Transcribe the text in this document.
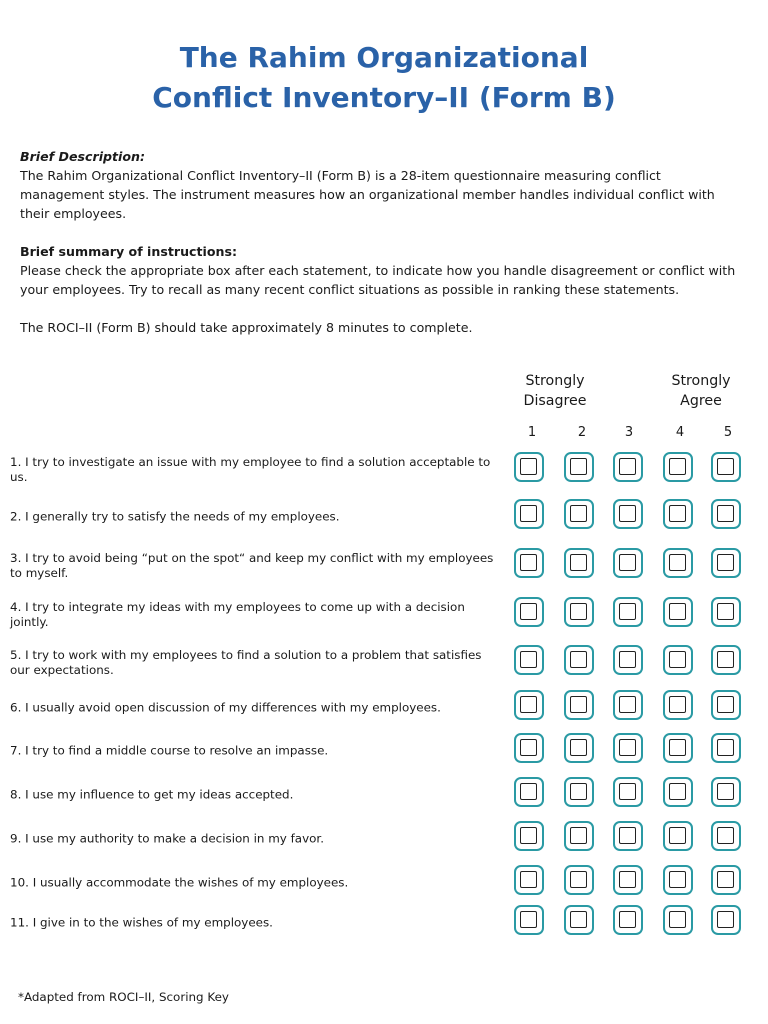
The Rahim Organizational
Conflict Inventory–II (Form B)

Brief Description:

The Rahim Organizational Conflict Inventory–II (Form B) is a 28-item questionnaire measuring conflict management styles. The instrument measures how an organizational member handles individual conflict with their employees.

Brief summary of instructions:

Please check the appropriate box after each statement, to indicate how you handle disagreement or conflict with your employees. Try to recall as many recent conflict situations as possible in ranking these statements.

The ROCI–II (Form B) should take approximately 8 minutes to complete.

Strongly
Disagree
Strongly
Agree
1	2	3	4	5
1. I try to investigate an issue with my employee to find a solution acceptable to us.
2. I generally try to satisfy the needs of my employees.
3. I try to avoid being “put on the spot“ and keep my conflict with my employees to myself.
4. I try to integrate my ideas with my employees to come up with a decision jointly.
5. I try to work with my employees to find a solution to a problem that satisfies our expectations.
6. I usually avoid open discussion of my differences with my employees.
7. I try to find a middle course to resolve an impasse.
8. I use my influence to get my ideas accepted.
9. I use my authority to make a decision in my favor.
10. I usually accommodate the wishes of my employees.
11. I give in to the wishes of my employees.
*Adapted from ROCI–II, Scoring Key
